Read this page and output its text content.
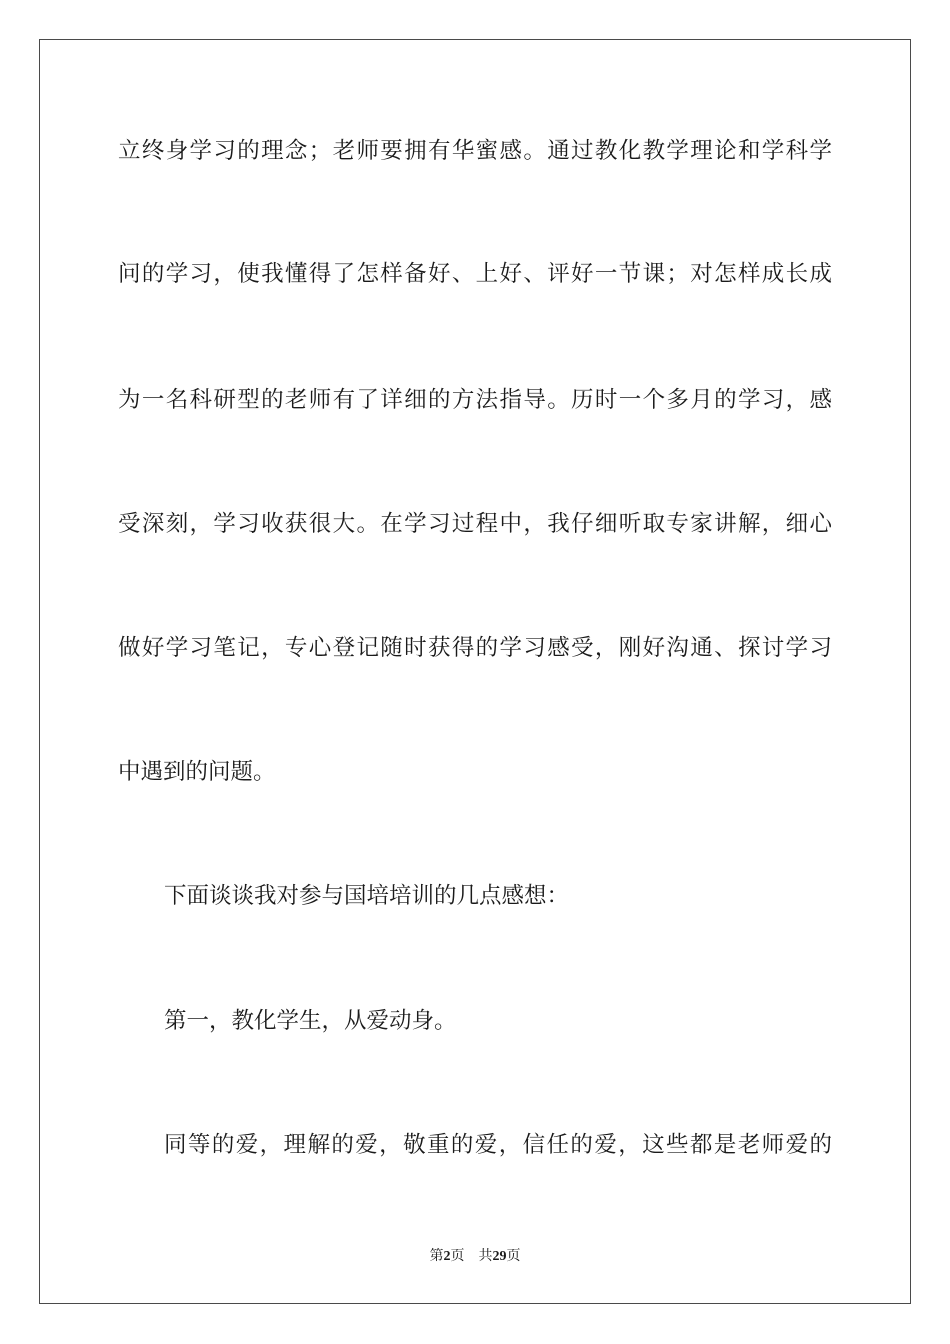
立终身学习的理念；老师要拥有华蜜感。通过教化教学理论和学科学
问的学习，使我懂得了怎样备好、上好、评好一节课；对怎样成长成
为一名科研型的老师有了详细的方法指导。历时一个多月的学习，感
受深刻，学习收获很大。在学习过程中，我仔细听取专家讲解，细心
做好学习笔记，专心登记随时获得的学习感受，刚好沟通、探讨学习
中遇到的问题。
下面谈谈我对参与国培培训的几点感想：
第一，教化学生，从爱动身。
同等的爱，理解的爱，敬重的爱，信任的爱，这些都是老师爱的
第2页 共29页
